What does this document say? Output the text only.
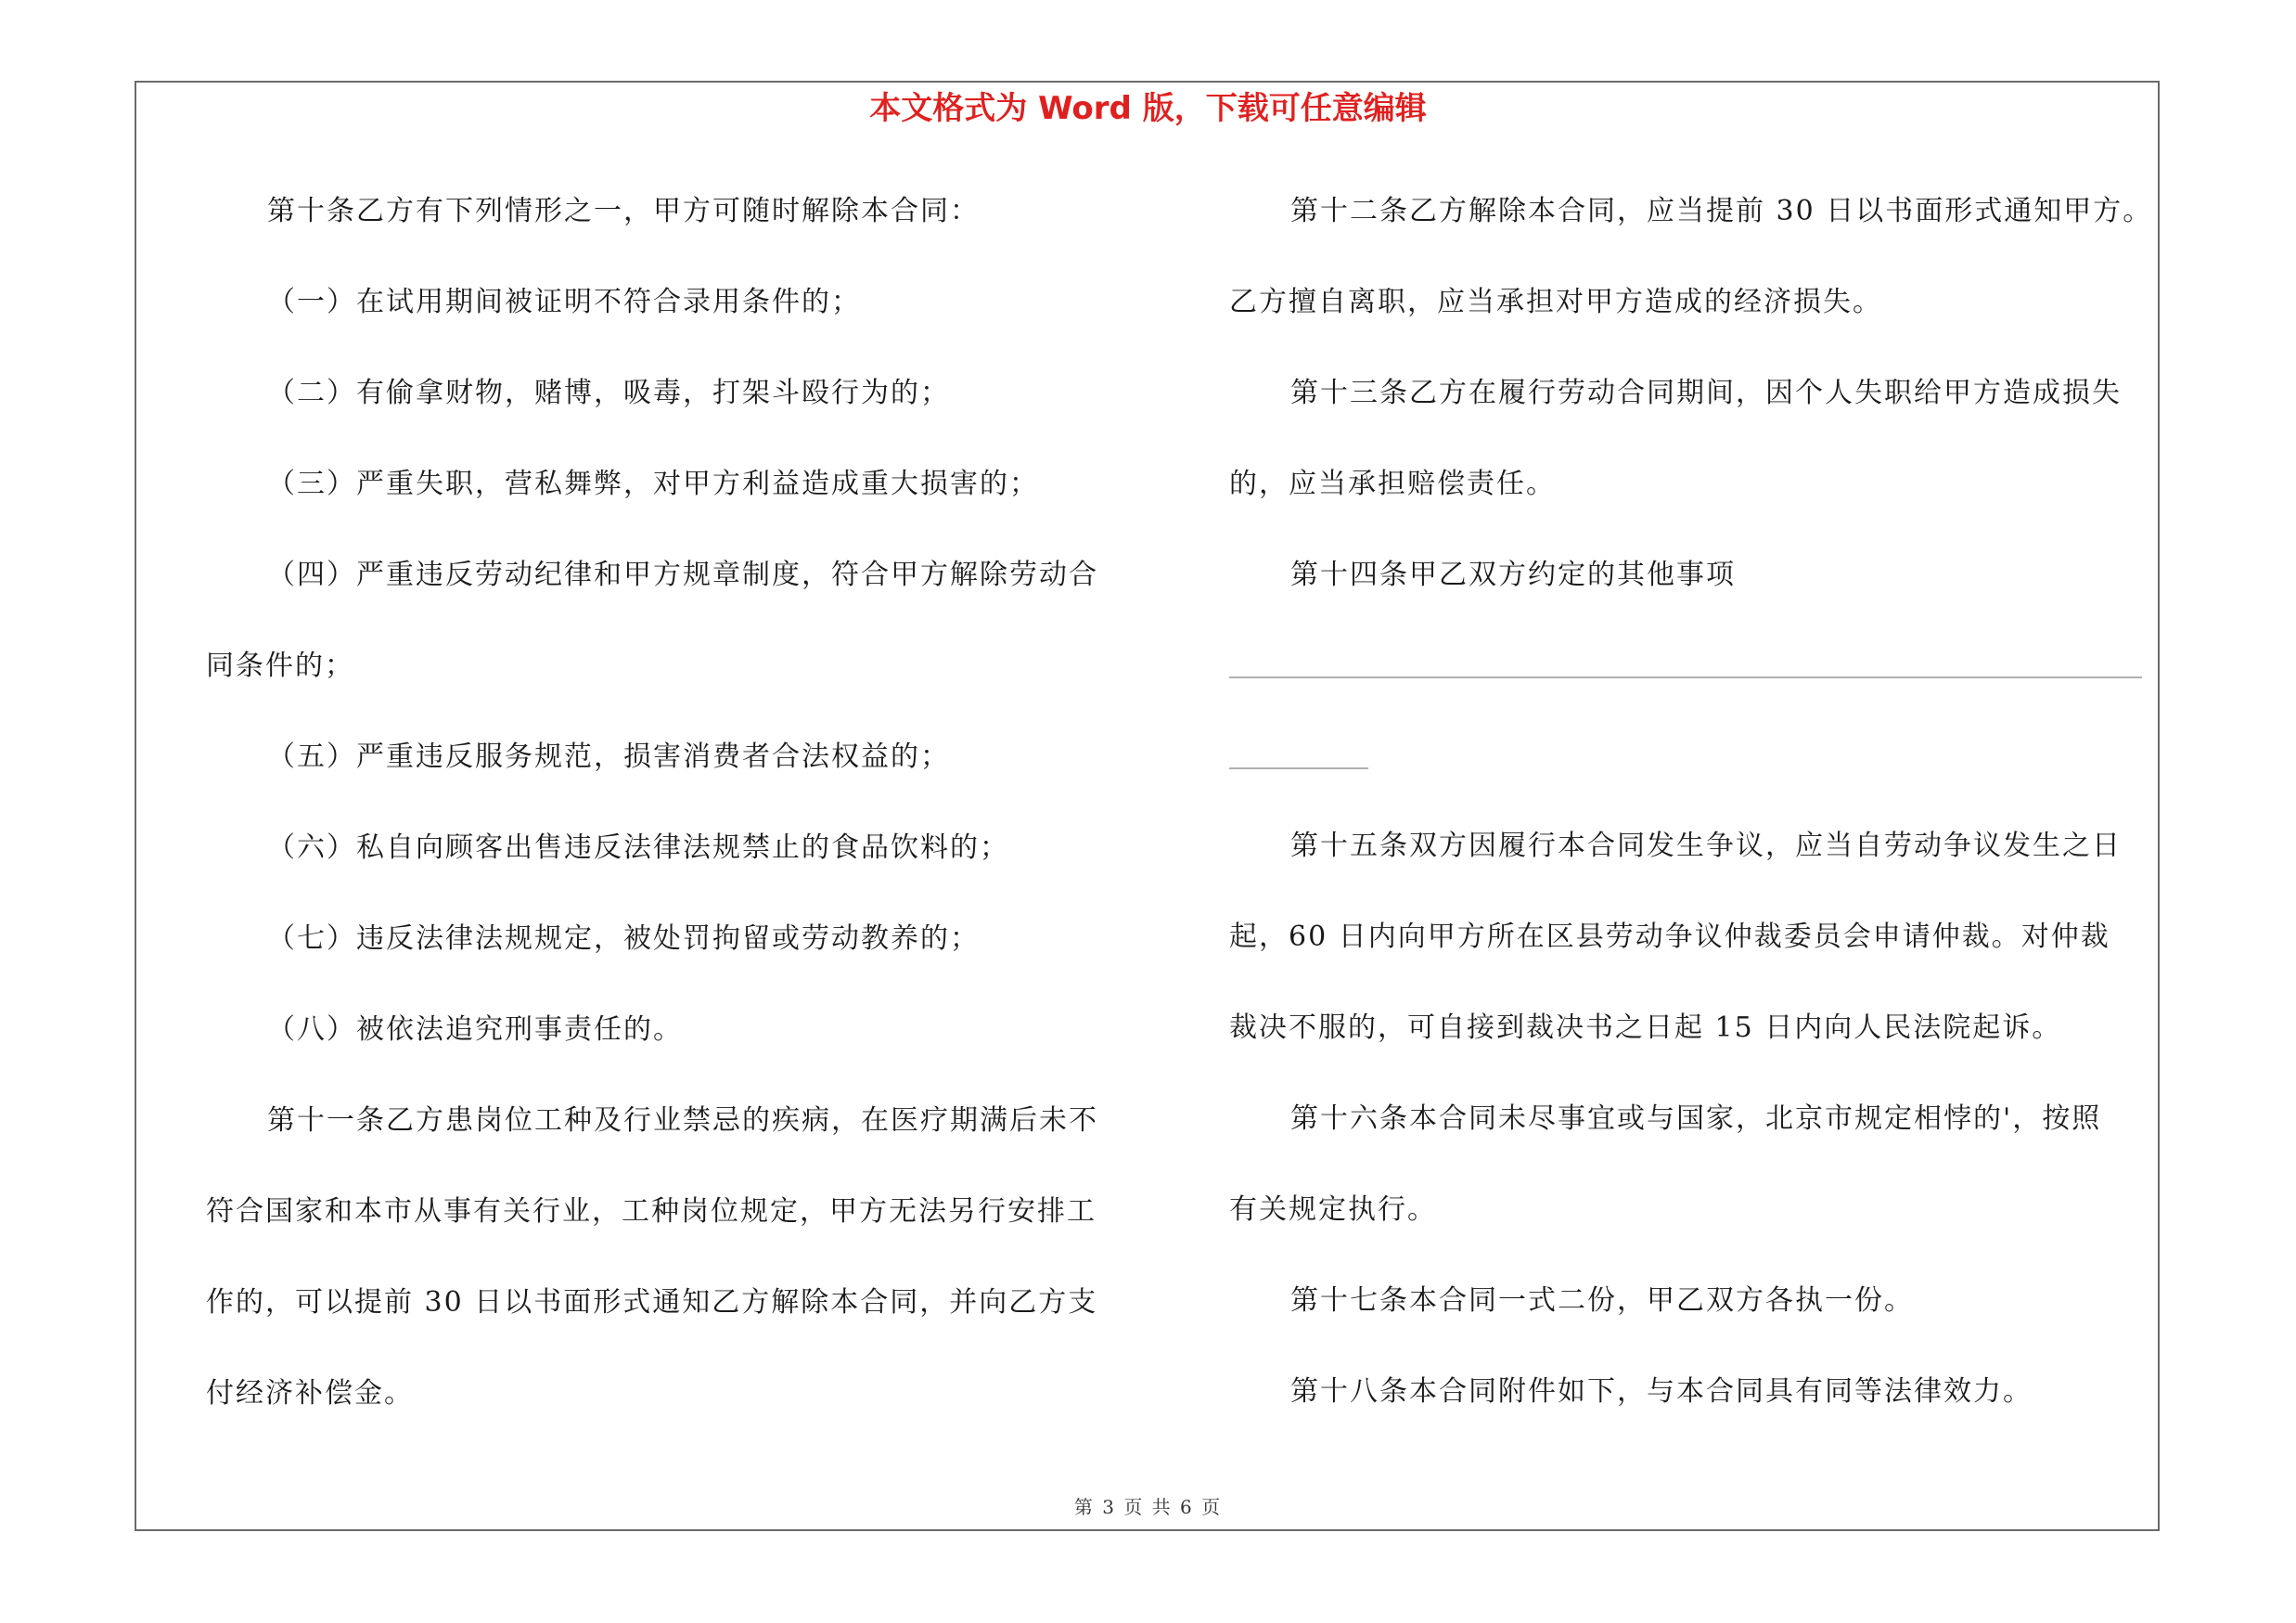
本文格式为 Word 版，下载可任意编辑
第十条乙方有下列情形之一，甲方可随时解除本合同：
（一）在试用期间被证明不符合录用条件的；
（二）有偷拿财物，赌博，吸毒，打架斗殴行为的；
（三）严重失职，营私舞弊，对甲方利益造成重大损害的；
（四）严重违反劳动纪律和甲方规章制度，符合甲方解除劳动合
同条件的；
（五）严重违反服务规范，损害消费者合法权益的；
（六）私自向顾客出售违反法律法规禁止的食品饮料的；
（七）违反法律法规规定，被处罚拘留或劳动教养的；
（八）被依法追究刑事责任的。
第十一条乙方患岗位工种及行业禁忌的疾病，在医疗期满后未不
符合国家和本市从事有关行业，工种岗位规定，甲方无法另行安排工
作的，可以提前 30 日以书面形式通知乙方解除本合同，并向乙方支
付经济补偿金。
第十二条乙方解除本合同，应当提前 30 日以书面形式通知甲方。
乙方擅自离职，应当承担对甲方造成的经济损失。
第十三条乙方在履行劳动合同期间，因个人失职给甲方造成损失
的，应当承担赔偿责任。
第十四条甲乙双方约定的其他事项
第十五条双方因履行本合同发生争议，应当自劳动争议发生之日
起，60 日内向甲方所在区县劳动争议仲裁委员会申请仲裁。对仲裁
裁决不服的，可自接到裁决书之日起 15 日内向人民法院起诉。
第十六条本合同未尽事宜或与国家，北京市规定相悖的'，按照
有关规定执行。
第十七条本合同一式二份，甲乙双方各执一份。
第十八条本合同附件如下，与本合同具有同等法律效力。
第 3 页 共 6 页
